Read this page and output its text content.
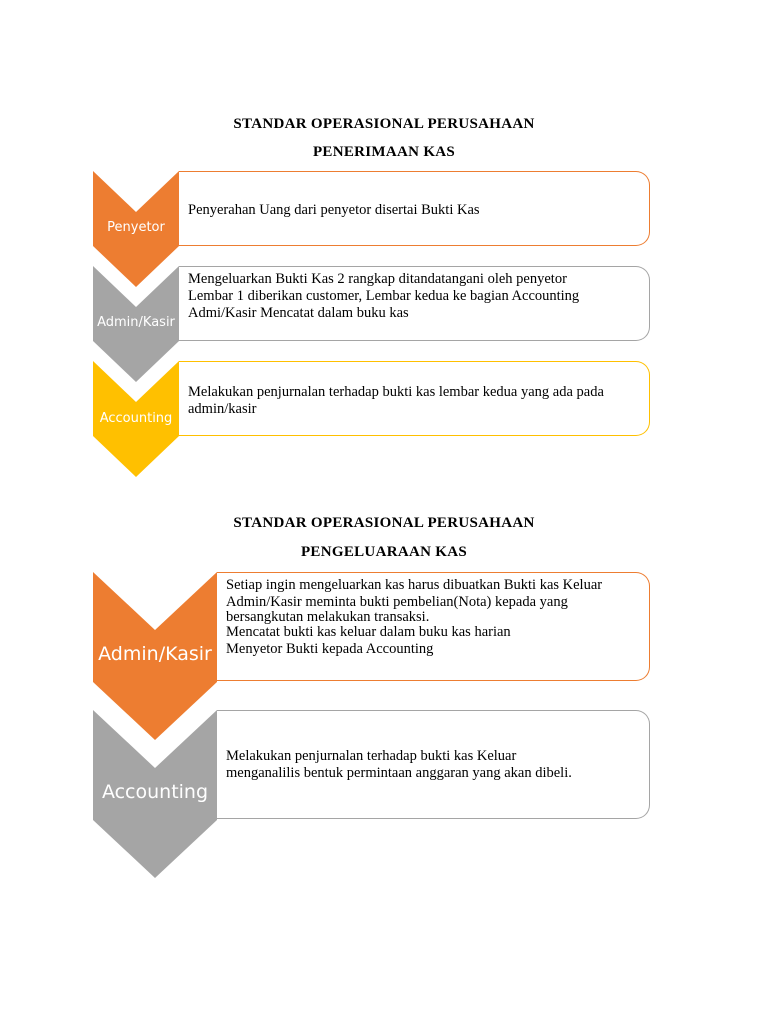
STANDAR OPERASIONAL PERUSAHAAN
PENERIMAAN KAS
Penyetor
Penyerahan Uang dari penyetor disertai Bukti Kas
Admin/Kasir
Mengeluarkan Bukti Kas 2 rangkap ditandatangani oleh penyetor
Lembar 1 diberikan customer, Lembar kedua ke bagian Accounting
Admi/Kasir Mencatat dalam buku kas
Accounting
Melakukan penjurnalan terhadap bukti kas lembar kedua yang ada pada
admin/kasir
STANDAR OPERASIONAL PERUSAHAAN
PENGELUARAAN KAS
Admin/Kasir
Setiap ingin mengeluarkan kas harus dibuatkan Bukti kas Keluar
Admin/Kasir meminta bukti pembelian(Nota) kepada yang
bersangkutan melakukan transaksi.
Mencatat bukti kas keluar dalam buku kas harian
Menyetor Bukti kepada Accounting
Accounting
Melakukan penjurnalan terhadap bukti kas Keluar
menganalilis bentuk permintaan anggaran yang akan dibeli.
